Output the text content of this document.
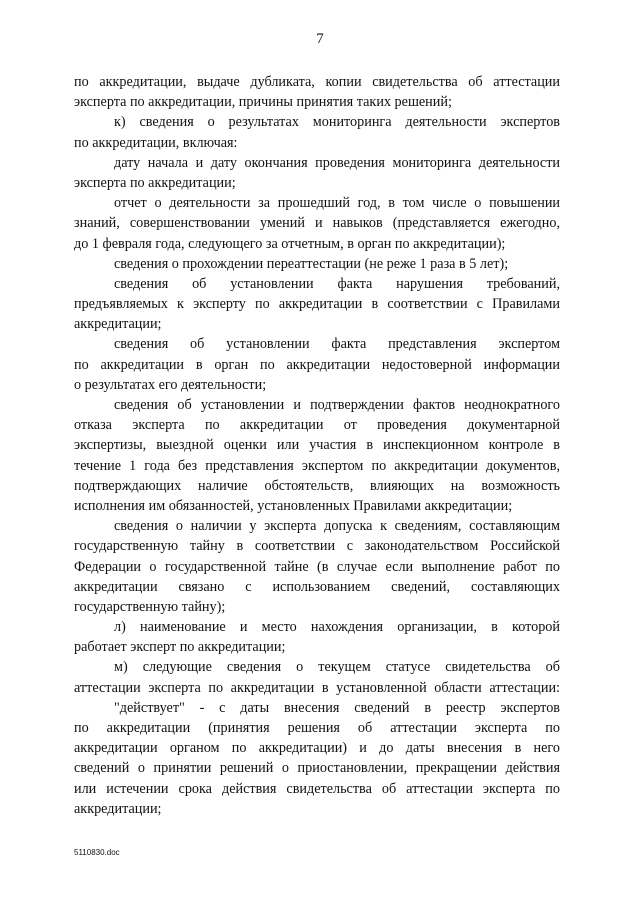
7
по аккредитации, выдаче дубликата, копии свидетельства об аттестации
эксперта по аккредитации, причины принятия таких решений;
к) сведения о результатах мониторинга деятельности экспертов
по аккредитации, включая:
дату начала и дату окончания проведения мониторинга деятельности
эксперта по аккредитации;
отчет о деятельности за прошедший год, в том числе о повышении
знаний, совершенствовании умений и навыков (представляется ежегодно,
до 1 февраля года, следующего за отчетным, в орган по аккредитации);
сведения о прохождении переаттестации (не реже 1 раза в 5 лет);
сведения об установлении факта нарушения требований,
предъявляемых к эксперту по аккредитации в соответствии с Правилами
аккредитации;
сведения об установлении факта представления экспертом
по аккредитации в орган по аккредитации недостоверной информации
о результатах его деятельности;
сведения об установлении и подтверждении фактов неоднократного
отказа эксперта по аккредитации от проведения документарной
экспертизы, выездной оценки или участия в инспекционном контроле в
течение 1 года без представления экспертом по аккредитации документов,
подтверждающих наличие обстоятельств, влияющих на возможность
исполнения им обязанностей, установленных Правилами аккредитации;
сведения о наличии у эксперта допуска к сведениям, составляющим
государственную тайну в соответствии с законодательством Российской
Федерации о государственной тайне (в случае если выполнение работ по
аккредитации связано с использованием сведений, составляющих
государственную тайну);
л) наименование и место нахождения организации, в которой
работает эксперт по аккредитации;
м) следующие сведения о текущем статусе свидетельства об
аттестации эксперта по аккредитации в установленной области аттестации:
"действует" - с даты внесения сведений в реестр экспертов
по аккредитации (принятия решения об аттестации эксперта по
аккредитации органом по аккредитации) и до даты внесения в него
сведений о принятии решений о приостановлении, прекращении действия
или истечении срока действия свидетельства об аттестации эксперта по
аккредитации;
5110830.doc
